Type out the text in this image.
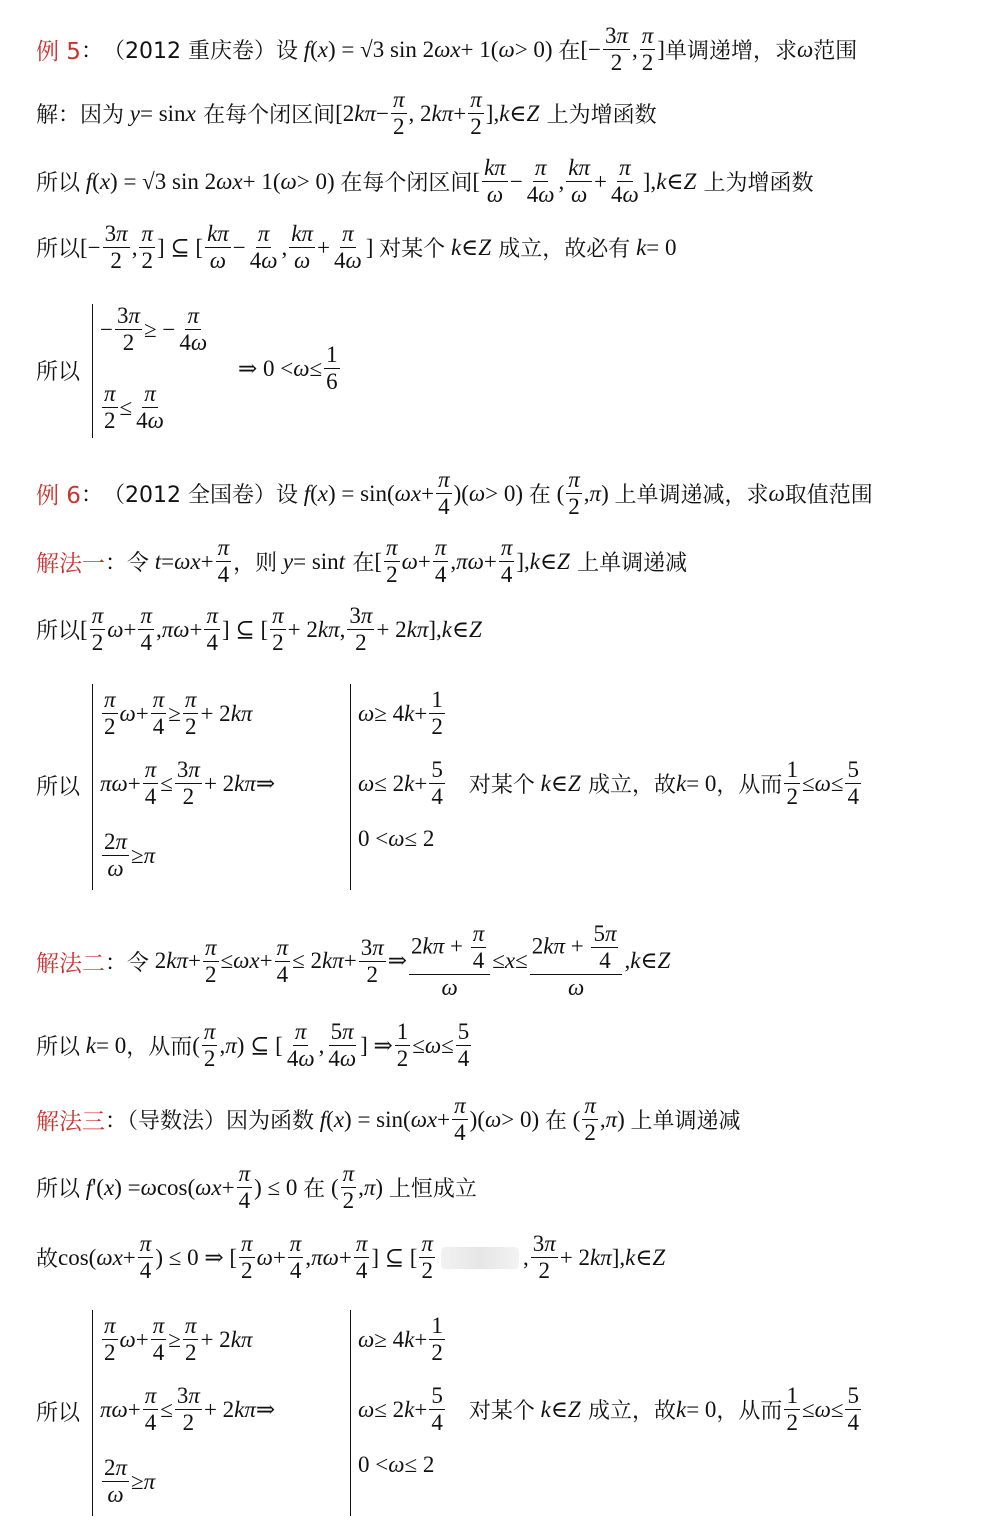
例 5 ： （2012 重庆卷）设 f ( x ) = √3 sin 2 ωx + 1( ω > 0) 在 [− $\frac{3\pi}{2}$ , $\frac{\pi}{2}$ ] 单调递增，求 ω 范围
解 ：因为 y = sin x
在每个闭区间 [2 $k\pi - \frac{\pi}{2}$ , 2 $k\pi + \frac{\pi}{2}$ ], k ∈ Z
上为增函数
所以 f ( x ) = √3 sin 2 ωx + 1( ω > 0) 在每个闭区间 [ $\frac{k\pi}{\omega} - \frac{\pi}{4\omega}$ , $\frac{k\pi}{\omega} + \frac{\pi}{4\omega}$ ], k ∈ Z
上为增函数
所以 [− $\frac{3\pi}{2}$ , $\frac{\pi}{2}$ ] ⊆ [ $\frac{k\pi}{\omega} - \frac{\pi}{4\omega}$ , $\frac{k\pi}{\omega} + \frac{\pi}{4\omega}$ ] 对某个 k ∈ Z
成立，故必有 k = 0
所以
− $\frac{3\pi}{2}$ ≥ − $\frac{\pi}{4\omega}$
$\frac{\pi}{2} \le \frac{\pi}{4\omega}$
⇒ $0 < \omega \le \frac{1}{6}$
例 6 ： （2012 全国卷）设 f ( x ) = sin( $\omega x + \frac{\pi}{4}$ )( ω > 0) 在 ( $\frac{\pi}{2}$ , π ) 上单调递减，求 ω 取值范围
解法一 ：令 $t = \omega x + \frac{\pi}{4}$ ，则 y = sin t
在 [ $\frac{\pi}{2}$ $\omega + \frac{\pi}{4}$ , $\pi\omega + \frac{\pi}{4}$ ], k ∈ Z
上单调递减
所以 [ $\frac{\pi}{2}$ $\omega + \frac{\pi}{4}$ , $\pi\omega + \frac{\pi}{4}$ ] ⊆ [ $\frac{\pi}{2} + 2$ kπ , $\frac{3\pi}{2} + 2$ kπ ], k ∈ Z
所以
$\frac{\pi}{2}$ $\omega + \frac{\pi}{4} \ge \frac{\pi}{2} + 2$ kπ
$\pi\omega + \frac{\pi}{4} \le \frac{3\pi}{2} + 2$ kπ ⇒
$\frac{2\pi}{\omega} \ge \pi$
ω ≥ 4 $k + \frac{1}{2}$
ω ≤ 2 $k + \frac{5}{4}$ 对某个 k ∈ Z
成立，故 k = 0 ，从而 $\frac{1}{2} \le \omega \le \frac{5}{4}$
0 < ω ≤ 2
解法二 ：令 2 $k\pi + \frac{\pi}{2} \le \omega x + \frac{\pi}{4} \le 2$ $k\pi + \frac{3\pi}{2}$ ⇒ $\frac{2k\pi + \frac{\pi}{4}}{\omega} \le x \le \frac{2k\pi + \frac{5\pi}{4}}{\omega}$ , k ∈ Z
所以 k = 0 ，从而 ( $\frac{\pi}{2}$ , π ) ⊆ [ $\frac{\pi}{4\omega}$ , $\frac{5\pi}{4\omega}$ ] ⇒ $\frac{1}{2} \le \omega \le \frac{5}{4}$
解法三 ：（导数法）因为函数 f ( x ) = sin( $\omega x + \frac{\pi}{4}$ )( ω > 0) 在 ( $\frac{\pi}{2}$ , π ) 上单调递减
所以 f '( x ) = ω cos( $\omega x + \frac{\pi}{4}$ ) ≤ 0 在 ( $\frac{\pi}{2}$ , π ) 上恒成立
故 cos( $\omega x + \frac{\pi}{4}$ ) ≤ 0 ⇒ [ $\frac{\pi}{2}$ $\omega + \frac{\pi}{4}$ , $\pi\omega + \frac{\pi}{4}$ ] ⊆ [ $\frac{\pi}{2}$	, $\frac{3\pi}{2} + 2$ kπ ], k ∈ Z
所以
$\frac{\pi}{2}$ $\omega + \frac{\pi}{4} \ge \frac{\pi}{2} + 2$ kπ
$\pi\omega + \frac{\pi}{4} \le \frac{3\pi}{2} + 2$ kπ ⇒
$\frac{2\pi}{\omega} \ge \pi$
ω ≥ 4 $k + \frac{1}{2}$
ω ≤ 2 $k + \frac{5}{4}$ 对某个 k ∈ Z
成立，故 k = 0 ，从而 $\frac{1}{2} \le \omega \le \frac{5}{4}$
0 < ω ≤ 2
